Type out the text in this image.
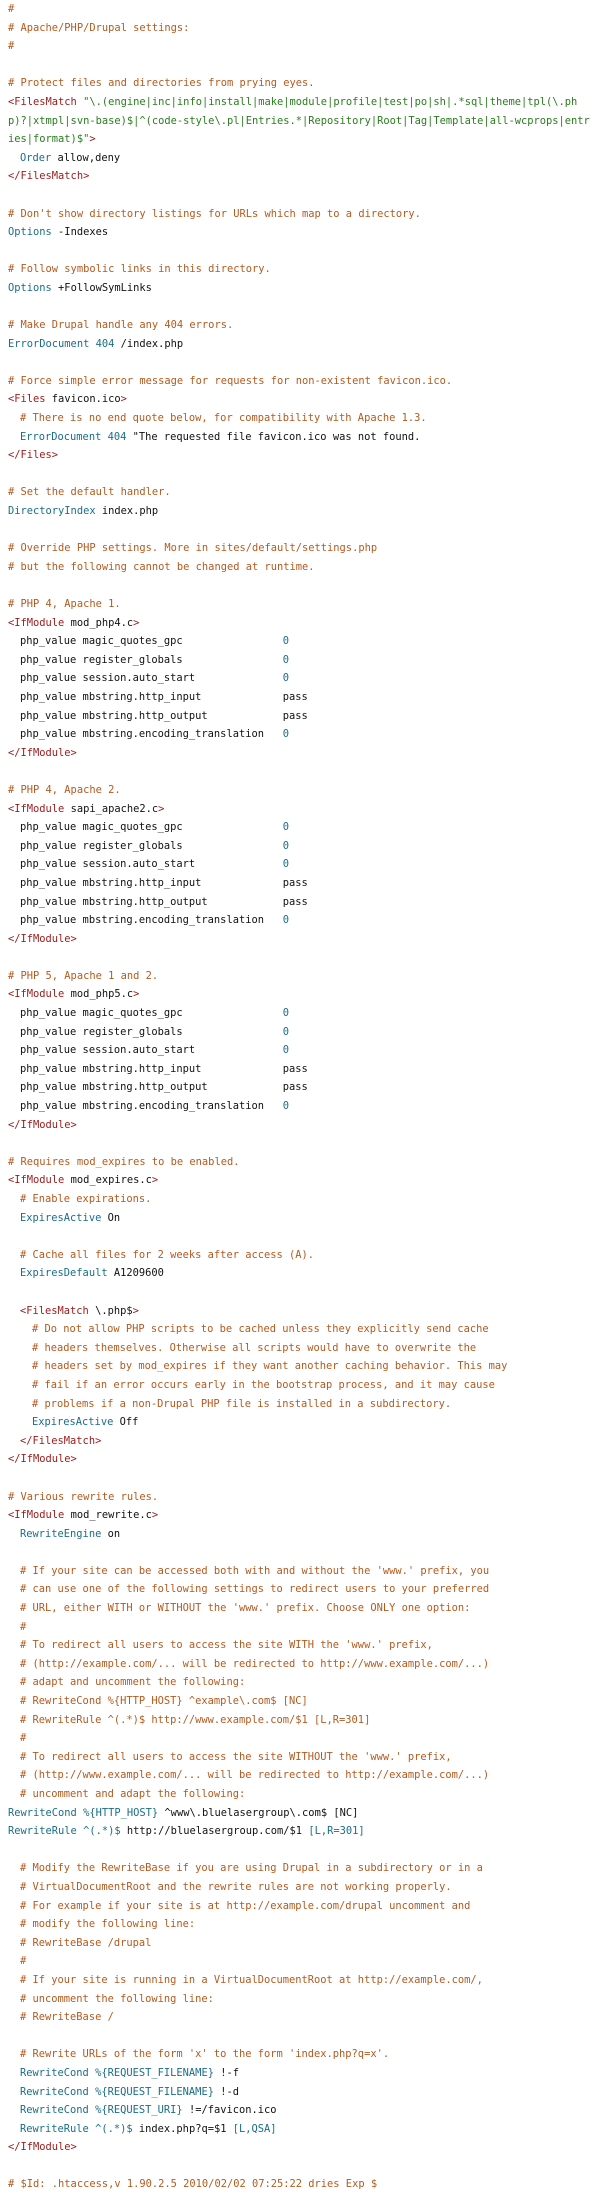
#
# Apache/PHP/Drupal settings:
#

# Protect files and directories from prying eyes.
<FilesMatch "\.(engine|inc|info|install|make|module|profile|test|po|sh|.*sql|theme|tpl(\.php)?|xtmpl|svn-base)$|^(code-style\.pl|Entries.*|Repository|Root|Tag|Template|all-wcprops|entries|format)$">
Order allow,deny
</FilesMatch>

# Don't show directory listings for URLs which map to a directory.
Options -Indexes

# Follow symbolic links in this directory.
Options +FollowSymLinks

# Make Drupal handle any 404 errors.
ErrorDocument 404 /index.php

# Force simple error message for requests for non-existent favicon.ico.
<Files favicon.ico>
# There is no end quote below, for compatibility with Apache 1.3.
ErrorDocument 404 "The requested file favicon.ico was not found.
</Files>

# Set the default handler.
DirectoryIndex index.php

# Override PHP settings. More in sites/default/settings.php
# but the following cannot be changed at runtime.

# PHP 4, Apache 1.
<IfModule mod_php4.c>
php_value magic_quotes_gpc                0
php_value register_globals                0
php_value session.auto_start              0
php_value mbstring.http_input             pass
php_value mbstring.http_output            pass
php_value mbstring.encoding_translation   0
</IfModule>

# PHP 4, Apache 2.
<IfModule sapi_apache2.c>
php_value magic_quotes_gpc                0
php_value register_globals                0
php_value session.auto_start              0
php_value mbstring.http_input             pass
php_value mbstring.http_output            pass
php_value mbstring.encoding_translation   0
</IfModule>

# PHP 5, Apache 1 and 2.
<IfModule mod_php5.c>
php_value magic_quotes_gpc                0
php_value register_globals                0
php_value session.auto_start              0
php_value mbstring.http_input             pass
php_value mbstring.http_output            pass
php_value mbstring.encoding_translation   0
</IfModule>

# Requires mod_expires to be enabled.
<IfModule mod_expires.c>
# Enable expirations.
ExpiresActive On

# Cache all files for 2 weeks after access (A).
ExpiresDefault A1209600

<FilesMatch \.php$>
# Do not allow PHP scripts to be cached unless they explicitly send cache
# headers themselves. Otherwise all scripts would have to overwrite the
# headers set by mod_expires if they want another caching behavior. This may
# fail if an error occurs early in the bootstrap process, and it may cause
# problems if a non-Drupal PHP file is installed in a subdirectory.
ExpiresActive Off
</FilesMatch>
</IfModule>

# Various rewrite rules.
<IfModule mod_rewrite.c>
RewriteEngine on

# If your site can be accessed both with and without the 'www.' prefix, you
# can use one of the following settings to redirect users to your preferred
# URL, either WITH or WITHOUT the 'www.' prefix. Choose ONLY one option:
#
# To redirect all users to access the site WITH the 'www.' prefix,
# (http://example.com/... will be redirected to http://www.example.com/...)
# adapt and uncomment the following:
# RewriteCond %{HTTP_HOST} ^example\.com$ [NC]
# RewriteRule ^(.*)$ http://www.example.com/$1 [L,R=301]
#
# To redirect all users to access the site WITHOUT the 'www.' prefix,
# (http://www.example.com/... will be redirected to http://example.com/...)
# uncomment and adapt the following:
RewriteCond %{HTTP_HOST} ^www\.bluelasergroup\.com$ [NC]
RewriteRule ^(.*)$ http://bluelasergroup.com/$1 [L,R=301]

# Modify the RewriteBase if you are using Drupal in a subdirectory or in a
# VirtualDocumentRoot and the rewrite rules are not working properly.
# For example if your site is at http://example.com/drupal uncomment and
# modify the following line:
# RewriteBase /drupal
#
# If your site is running in a VirtualDocumentRoot at http://example.com/,
# uncomment the following line:
# RewriteBase /

# Rewrite URLs of the form 'x' to the form 'index.php?q=x'.
RewriteCond %{REQUEST_FILENAME} !-f
RewriteCond %{REQUEST_FILENAME} !-d
RewriteCond %{REQUEST_URI} !=/favicon.ico
RewriteRule ^(.*)$ index.php?q=$1 [L,QSA]
</IfModule>

# $Id: .htaccess,v 1.90.2.5 2010/02/02 07:25:22 dries Exp $
